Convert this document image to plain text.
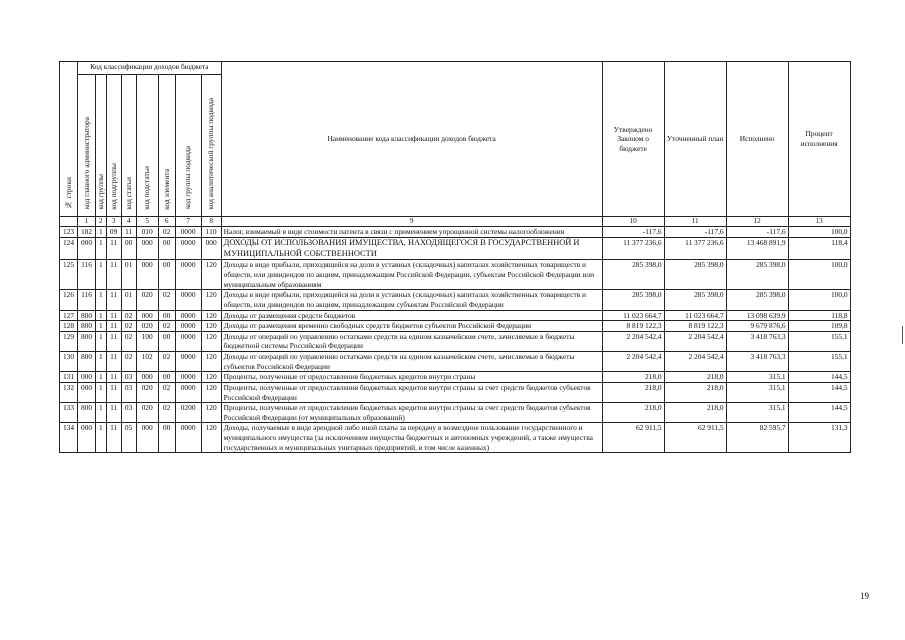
№ строки	Код классификации доходов бюджета								Наименование кода классификации доходов бюджета	Утверждено Законом о бюджете	Уточненный план	Исполнено	Процент исполнения
	код главного администратора	код группы	код подгруппы	код статьи	код подстатьи	код элемента	код группы подвида	код аналитической группы подвида					
	1	2	3	4	5	6	7	8	9	10	11	12	13
123	182	1	09	11	010	02	0000	110	Налог, взимаемый в виде стоимости патента в связи с применением упрощенной системы налогообложения	-117,6	-117,6	-117,6	100,0
124	000	1	11	00	000	00	0000	000	ДОХОДЫ ОТ ИСПОЛЬЗОВАНИЯ ИМУЩЕСТВА, НАХОДЯЩЕГОСЯ В ГОСУДАРСТВЕННОЙ И МУНИЦИПАЛЬНОЙ СОБСТВЕННОСТИ	11 377 236,6	11 377 236,6	13 468 891,9	118,4
125	116	1	11	01	000	00	0000	120	Доходы в виде прибыли, приходящейся на доли в уставных (складочных) капиталах хозяйственных товариществ и обществ, или дивидендов по акциям, принадлежащим Российской Федерации, субъектам Российской Федерации или муниципальным образованиям	285 398,0	285 398,0	285 398,0	100,0
126	116	1	11	01	020	02	0000	120	Доходы в виде прибыли, приходящейся на доли в уставных (складочных) капиталах хозяйственных товариществ и обществ, или дивидендов по акциям, принадлежащим субъектам Российской Федерации	285 398,0	285 398,0	285 398,0	100,0
127	800	1	11	02	000	00	0000	120	Доходы от размещения средств бюджетов	11 023 664,7	11 023 664,7	13 098 639,9	118,8
128	800	1	11	02	020	02	0000	120	Доходы от размещения временно свободных средств бюджетов субъектов Российской Федерации	8 819 122,3	8 819 122,3	9 679 876,6	109,8
129	800	1	11	02	100	00	0000	120	Доходы от операций по управлению остатками средств на едином казначейском счете, зачисляемые в бюджеты бюджетной системы Российской Федерации	2 204 542,4	2 204 542,4	3 418 763,3	155,1
130	800	1	11	02	102	02	0000	120	Доходы от операций по управлению остатками средств на едином казначейском счете, зачисляемые в бюджеты субъектов Российской Федерации	2 204 542,4	2 204 542,4	3 418 763,3	155,1
131	000	1	11	03	000	00	0000	120	Проценты, полученные от предоставления бюджетных кредитов внутри страны	218,0	218,0	315,1	144,5
132	000	1	11	03	020	02	0000	120	Проценты, полученные от предоставления бюджетных кредитов внутри страны за счет средств бюджетов субъектов Российской Федерации	218,0	218,0	315,1	144,5
133	800	1	11	03	020	02	0200	120	Проценты, полученные от предоставления бюджетных кредитов внутри страны за счет средств бюджетов субъектов Российской Федерации (от муниципальных образований)	218,0	218,0	315,1	144,5
134	000	1	11	05	000	00	0000	120	Доходы, получаемые в виде арендной либо иной платы за передачу в возмездное пользование государственного и муниципального имущества (за исключением имущества бюджетных и автономных учреждений, а также имущества государственных и муниципальных унитарных предприятий, в том числе казенных)	62 911,5	62 911,5	82 595,7	131,3
19
